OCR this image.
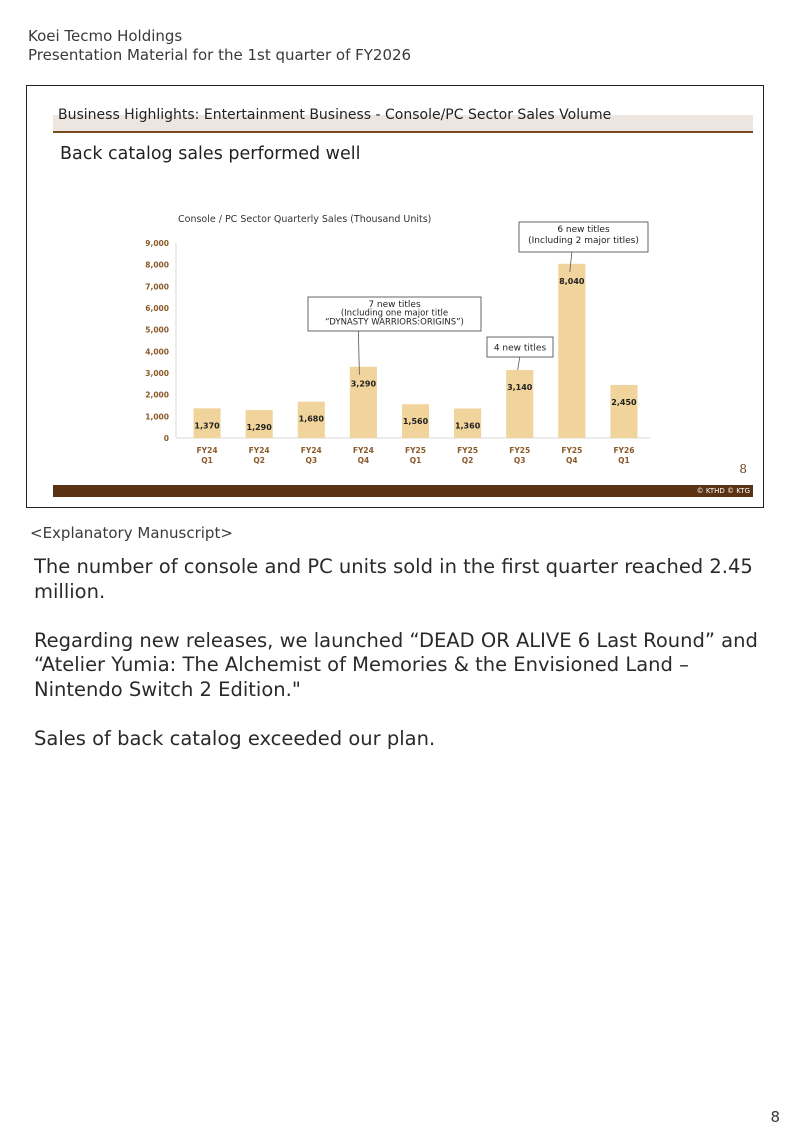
Koei Tecmo Holdings
Presentation Material for the 1st quarter of FY2026
Business Highlights: Entertainment Business - Console/PC Sector Sales Volume
Back catalog sales performed well
Console / PC Sector Quarterly Sales (Thousand Units)
0
1,000
2,000
3,000
4,000
5,000
6,000
7,000
8,000
9,000
1,370	1,290
1,680
3,290
1,560	1,360
3,140
8,040
2,450
FY24
Q1
FY24
Q2
FY24
Q3
FY24
Q4
FY25
Q1
FY25
Q2
FY25
Q3
FY25
Q4
FY26
Q1
7 new titles
(Including one major title
“DYNASTY WARRIORS:ORIGINS”)
4 new titles
6 new titles
(Including 2 major titles)
8
© KTHD © KTG
<Explanatory Manuscript>

The number of console and PC units sold in the first quarter reached 2.45 million.

Regarding new releases, we launched “DEAD OR ALIVE 6 Last Round” and “Atelier Yumia: The Alchemist of Memories & the Envisioned Land – Nintendo Switch 2 Edition."

Sales of back catalog exceeded our plan.

8
